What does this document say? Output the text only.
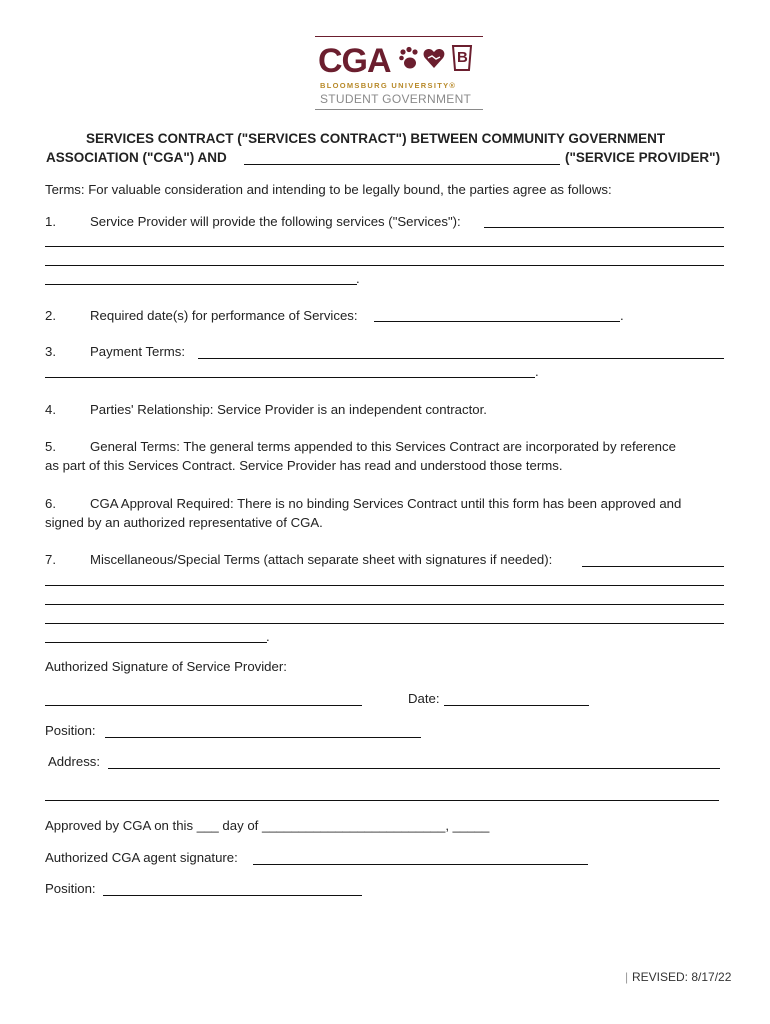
CGA	B
BLOOMSBURG UNIVERSITY®
STUDENT GOVERNMENT
SERVICES CONTRACT ("SERVICES CONTRACT") BETWEEN COMMUNITY GOVERNMENT
ASSOCIATION ("CGA") AND	("SERVICE PROVIDER")
Terms: For valuable consideration and intending to be legally bound, the parties agree as follows:
1.	Service Provider will provide the following services ("Services"):
.
2.	Required date(s) for performance of Services:	.
3.	Payment Terms:
.
4.	Parties' Relationship: Service Provider is an independent contractor.
5.	General Terms: The general terms appended to this Services Contract are incorporated by reference
as part of this Services Contract. Service Provider has read and understood those terms.
6.	CGA Approval Required: There is no binding Services Contract until this form has been approved and
signed by an authorized representative of CGA.
7.	Miscellaneous/Special Terms (attach separate sheet with signatures if needed):
.
Authorized Signature of Service Provider:
Date:
Position:
Address:
Approved by CGA on this ___ day of _________________________, _____
Authorized CGA agent signature:
Position:
| REVISED: 8/17/22
